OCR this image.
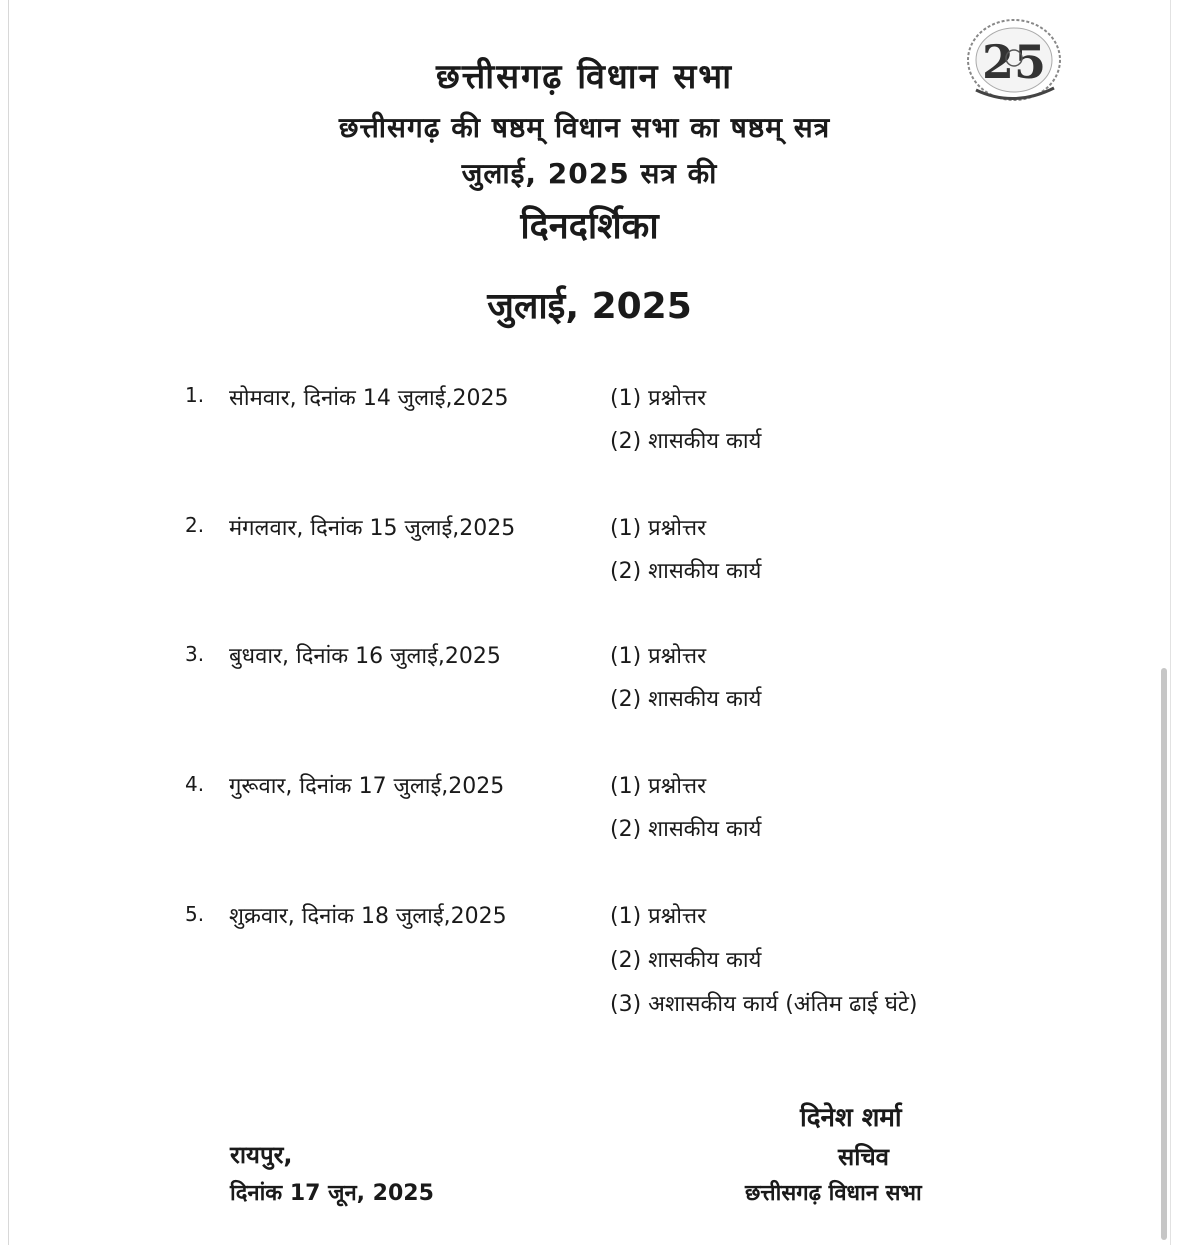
छत्तीसगढ़ विधान सभा
छत्तीसगढ़ की षष्ठम् विधान सभा का षष्ठम् सत्र
जुलाई, 2025 सत्र की
दिनदर्शिका
जुलाई, 2025
25
1. सोमवार, दिनांक 14 जुलाई,2025	(1) प्रश्नोत्तर
(2) शासकीय कार्य
2. मंगलवार, दिनांक 15 जुलाई,2025	(1) प्रश्नोत्तर
(2) शासकीय कार्य
3. बुधवार, दिनांक 16 जुलाई,2025	(1) प्रश्नोत्तर
(2) शासकीय कार्य
4. गुरूवार, दिनांक 17 जुलाई,2025	(1) प्रश्नोत्तर
(2) शासकीय कार्य
5. शुक्रवार, दिनांक 18 जुलाई,2025	(1) प्रश्नोत्तर
(2) शासकीय कार्य
(3) अशासकीय कार्य (अंतिम ढाई घंटे)
रायपुर,
दिनांक 17 जून, 2025
दिनेश शर्मा
सचिव
छत्तीसगढ़ विधान सभा
